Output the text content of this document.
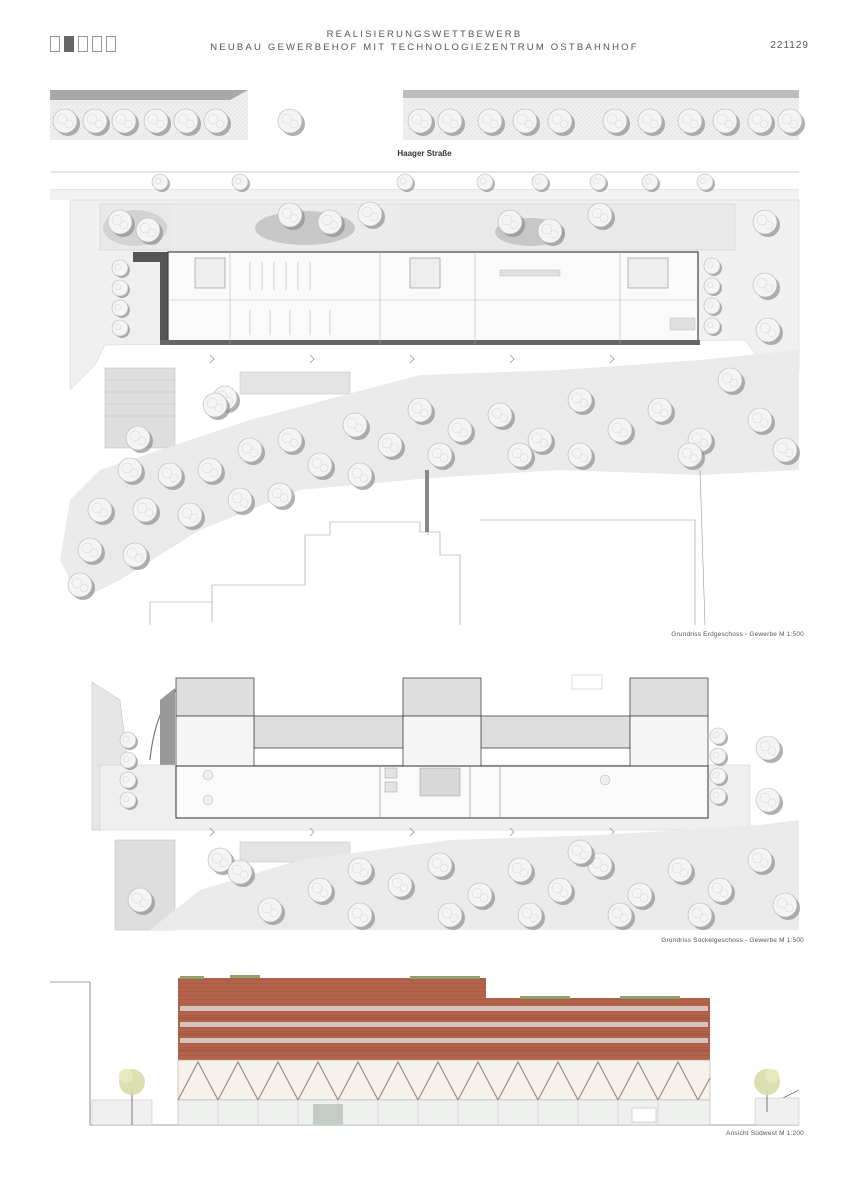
REALISIERUNGSWETTBEWERB
NEUBAU GEWERBEHOF MIT TECHNOLOGIEZENTRUM OSTBAHNHOF	221129
Haager Straße
Grundriss Erdgeschoss - Gewerbe M 1:500
Grundriss Sockelgeschoss - Gewerbe M 1:500
Ansicht Südwest M 1:200
